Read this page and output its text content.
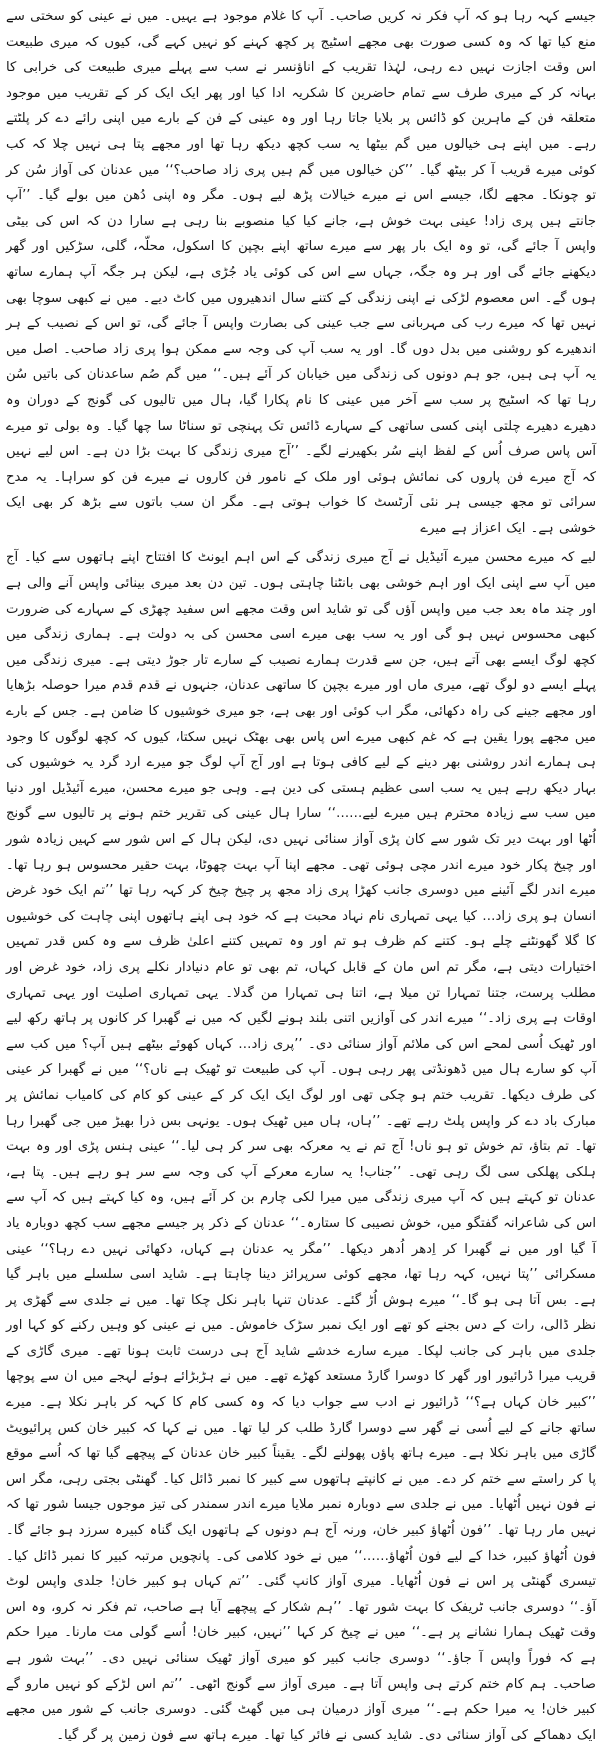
جیسے کہہ رہا ہو کہ آپ فکر نہ کریں صاحب۔ آپ کا غلام موجود ہے یہیں۔ میں نے عینی کو سختی سے منع کیا تھا کہ وہ کسی صورت بھی مجھے اسٹیج پر کچھ کہنے کو نہیں کہے گی، کیوں کہ میری طبیعت اس وقت اجازت نہیں دے رہی، لہٰذا تقریب کے اناؤنسر نے سب سے پہلے میری طبیعت کی خرابی کا بہانہ کر کے میری طرف سے تمام حاضرین کا شکریہ ادا کیا اور پھر ایک ایک کر کے تقریب میں موجود متعلقہ فن کے ماہرین کو ڈائس پر بلایا جاتا رہا اور وہ عینی کے فن کے بارے میں اپنی رائے دے کر پلٹتے رہے۔ میں اپنے ہی خیالوں میں گم بیٹھا یہ سب کچھ دیکھ رہا تھا اور مجھے پتا ہی نہیں چلا کہ کب کوئی میرے قریب آ کر بیٹھ گیا۔ ’’کن خیالوں میں گم ہیں پری زاد صاحب؟‘‘ میں عدنان کی آواز سُن کر تو چونکا۔ مجھے لگا، جیسے اس نے میرے خیالات پڑھ لیے ہوں۔ مگر وہ اپنی دُھن میں بولے گیا۔ ’’آپ جانتے ہیں پری زاد! عینی بہت خوش ہے، جانے کیا کیا منصوبے بنا رہی ہے سارا دن کہ اس کی بیٹی واپس آ جائے گی، تو وہ ایک بار پھر سے میرے ساتھ اپنے بچپن کا اسکول، محلّہ، گلی، سڑکیں اور گھر دیکھنے جائے گی اور ہر وہ جگہ، جہاں سے اس کی کوئی یاد جُڑی ہے، لیکن ہر جگہ آپ ہمارے ساتھ ہوں گے۔ اس معصوم لڑکی نے اپنی زندگی کے کتنے سال اندھیروں میں کاٹ دیے۔ میں نے کبھی سوچا بھی نہیں تھا کہ میرے رب کی مہربانی سے جب عینی کی بصارت واپس آ جائے گی، تو اس کے نصیب کے ہر اندھیرے کو روشنی میں بدل دوں گا۔ اور یہ سب آپ کی وجہ سے ممکن ہوا پری زاد صاحب۔ اصل میں یہ آپ ہی ہیں، جو ہم دونوں کی زندگی میں خیابان کر آئے ہیں۔‘‘ میں گم صُم ساعدنان کی باتیں سُن رہا تھا کہ اسٹیج پر سب سے آخر میں عینی کا نام پکارا گیا، ہال میں تالیوں کی گونج کے دوران وہ دھیرے دھیرے چلتی اپنی کسی ساتھی کے سہارے ڈائس تک پہنچی تو سناٹا سا چھا گیا۔ وہ بولی تو میرے آس پاس صرف اُس کے لفظ اپنے سُر بکھیرنے لگے۔ ’’آج میری زندگی کا بہت بڑا دن ہے۔ اس لیے نہیں کہ آج میرے فن پاروں کی نمائش ہوئی اور ملک کے نامور فن کاروں نے میرے فن کو سراہا۔ یہ مدح سرائی تو مجھ جیسی ہر نئی آرٹسٹ کا خواب ہوتی ہے۔ مگر ان سب باتوں سے بڑھ کر بھی ایک خوشی ہے۔ ایک اعزاز ہے میرے

لیے کہ میرے محسن میرے آئیڈیل نے آج میری زندگی کے اس اہم ایونٹ کا افتتاح اپنے ہاتھوں سے کیا۔ آج میں آپ سے اپنی ایک اور اہم خوشی بھی بانٹنا چاہتی ہوں۔ تین دن بعد میری بینائی واپس آنے والی ہے اور چند ماہ بعد جب میں واپس آؤں گی تو شاید اس وقت مجھے اس سفید چھڑی کے سہارے کی ضرورت کبھی محسوس نہیں ہو گی اور یہ سب بھی میرے اسی محسن کی بہ دولت ہے۔ ہماری زندگی میں کچھ لوگ ایسے بھی آتے ہیں، جن سے قدرت ہمارے نصیب کے سارے تار جوڑ دیتی ہے۔ میری زندگی میں پہلے ایسے دو لوگ تھے، میری ماں اور میرے بچپن کا ساتھی عدنان، جنہوں نے قدم قدم میرا حوصلہ بڑھایا اور مجھے جینے کی راہ دکھائی، مگر اب کوئی اور بھی ہے، جو میری خوشیوں کا ضامن ہے۔ جس کے بارے میں مجھے پورا یقین ہے کہ غم کبھی میرے اس پاس بھی بھٹک نہیں سکتا، کیوں کہ کچھ لوگوں کا وجود ہی ہمارے اندر روشنی بھر دینے کے لیے کافی ہوتا ہے اور آج آپ لوگ جو میرے ارد گرد یہ خوشیوں کی بہار دیکھ رہے ہیں یہ سب اسی عظیم ہستی کی دین ہے۔ وہی جو میرے محسن، میرے آئیڈیل اور دنیا میں سب سے زیادہ محترم ہیں میرے لیے……‘‘ سارا ہال عینی کی تقریر ختم ہونے پر تالیوں سے گونج اُٹھا اور بہت دیر تک شور سے کان پڑی آواز سنائی نہیں دی، لیکن ہال کے اس شور سے کہیں زیادہ شور اور چیخ پکار خود میرے اندر مچی ہوئی تھی۔ مجھے اپنا آپ بہت چھوٹا، بہت حقیر محسوس ہو رہا تھا۔ میرے اندر لگے آئینے میں دوسری جانب کھڑا پری زاد مجھ پر چیخ چیخ کر کہہ رہا تھا ’’تم ایک خود غرض انسان ہو پری زاد… کیا یہی تمہاری نام نہاد محبت ہے کہ خود ہی اپنے ہاتھوں اپنی چاہت کی خوشیوں کا گلا گھونٹنے چلے ہو۔ کتنے کم ظرف ہو تم اور وہ تمہیں کتنے اعلیٰ ظرف سے وہ کس قدر تمہیں اختیارات دیتی ہے، مگر تم اس مان کے قابل کہاں، تم بھی تو عام دنیادار نکلے پری زاد، خود غرض اور مطلب پرست، جتنا تمہارا تن میلا ہے، اتنا ہی تمہارا من گدلا۔ یہی تمہاری اصلیت اور یہی تمہاری اوقات ہے پری زاد۔‘‘ میرے اندر کی آوازیں اتنی بلند ہونے لگیں کہ میں نے گھبرا کر کانوں پر ہاتھ رکھ لیے اور ٹھیک اُسی لمحے اس کی ملائم آواز سنائی دی۔ ’’پری زاد… کہاں کھوئے بیٹھے ہیں آپ؟ میں کب سے آپ کو سارے ہال میں ڈھونڈتی پھر رہی ہوں۔ آپ کی طبیعت تو ٹھیک ہے ناں؟‘‘ میں نے گھبرا کر عینی کی طرف دیکھا۔ تقریب ختم ہو چکی تھی اور لوگ ایک ایک کر کے عینی کو کام کی کامیاب نمائش پر مبارک باد دے کر واپس پلٹ رہے تھے۔ ’’ہاں، ہاں میں ٹھیک ہوں۔ یونہی بس ذرا بھیڑ میں جی گھبرا رہا تھا۔ تم بتاؤ، تم خوش تو ہو ناں! آج تم نے یہ معرکہ بھی سر کر ہی لیا۔‘‘ عینی ہنس پڑی اور وہ بہت ہلکی پھلکی سی لگ رہی تھی۔ ’’جناب! یہ سارے معرکے آپ کی وجہ سے سر ہو رہے ہیں۔ پتا ہے، عدنان تو کہتے ہیں کہ آپ میری زندگی میں میرا لکی چارم بن کر آئے ہیں، وہ کیا کہتے ہیں کہ آپ سے اس کی شاعرانہ گفتگو میں، خوش نصیبی کا ستارہ۔‘‘ عدنان کے ذکر پر جیسے مجھے سب کچھ دوبارہ یاد آ گیا اور میں نے گھبرا کر اِدھر اُدھر دیکھا۔ ’’مگر یہ عدنان ہے کہاں، دکھائی نہیں دے رہا؟‘‘ عینی مسکرائی ’’پتا نہیں، کہہ رہا تھا، مجھے کوئی سرپرائز دینا چاہتا ہے۔ شاید اسی سلسلے میں باہر گیا ہے۔ بس آتا ہی ہو گا۔‘‘ میرے ہوش اُڑ گئے۔ عدنان تنہا باہر نکل چکا تھا۔ میں نے جلدی سے گھڑی پر نظر ڈالی، رات کے دس بجنے کو تھے اور ایک نمبر سڑک خاموش۔ میں نے عینی کو وہیں رکنے کو کہا اور جلدی میں باہر کی جانب لپکا۔ میرے سارے خدشے شاید آج ہی درست ثابت ہونا تھے۔ میری گاڑی کے قریب میرا ڈرائیور اور گھر کا دوسرا گارڈ مستعد کھڑے تھے۔ میں نے ہڑبڑائے ہوئے لہجے میں ان سے پوچھا ’’کبیر خان کہاں ہے؟‘‘ ڈرائیور نے ادب سے جواب دیا کہ وہ کسی کام کا کہہ کر باہر نکلا ہے۔ میرے ساتھ جانے کے لیے اُسی نے گھر سے دوسرا گارڈ طلب کر لیا تھا۔ میں نے کہا کہ کبیر خان کس پرائیویٹ گاڑی میں باہر نکلا ہے۔ میرے ہاتھ پاؤں پھولنے لگے۔ یقیناً کبیر خان عدنان کے پیچھے گیا تھا کہ اُسے موقع پا کر راستے سے ختم کر دے۔ میں نے کانپتے ہاتھوں سے کبیر کا نمبر ڈائل کیا۔ گھنٹی بجتی رہی، مگر اس نے فون نہیں اُٹھایا۔ میں نے جلدی سے دوبارہ نمبر ملایا میرے اندر سمندر کی تیز موجوں جیسا شور تھا کہ نہیں مار رہا تھا۔ ’’فون اُٹھاؤ کبیر خان، ورنہ آج ہم دونوں کے ہاتھوں ایک گناہ کبیرہ سرزد ہو جائے گا۔ فون اُٹھاؤ کبیر، خدا کے لیے فون اُٹھاؤ……‘‘ میں نے خود کلامی کی۔ پانچویں مرتبہ کبیر کا نمبر ڈائل کیا۔ تیسری گھنٹی پر اس نے فون اُٹھایا۔ میری آواز کانپ گئی۔ ’’تم کہاں ہو کبیر خان! جلدی واپس لوٹ آؤ۔‘‘ دوسری جانب ٹریفک کا بہت شور تھا۔ ’’ہم شکار کے پیچھے آیا ہے صاحب، تم فکر نہ کرو، وہ اس وقت ٹھیک ہمارا نشانے پر ہے۔‘‘ میں نے چیخ کر کہا ’’نہیں، کبیر خان! اُسے گولی مت مارنا۔ میرا حکم ہے کہ فوراً واپس آ جاؤ۔‘‘ دوسری جانب کبیر کو میری آواز ٹھیک سنائی نہیں دی۔ ’’بہت شور ہے صاحب۔ ہم کام ختم کرتے ہی واپس آتا ہے۔ میری آواز سے گونج اٹھی۔ ’’تم اس لڑکے کو نہیں مارو گے کبیر خان! یہ میرا حکم ہے۔‘‘ میری آواز درمیان ہی میں گھٹ گئی۔ دوسری جانب کے شور میں مجھے ایک دھماکے کی آواز سنائی دی۔ شاید کسی نے فائر کیا تھا۔ میرے ہاتھ سے فون زمین پر گر گیا۔
